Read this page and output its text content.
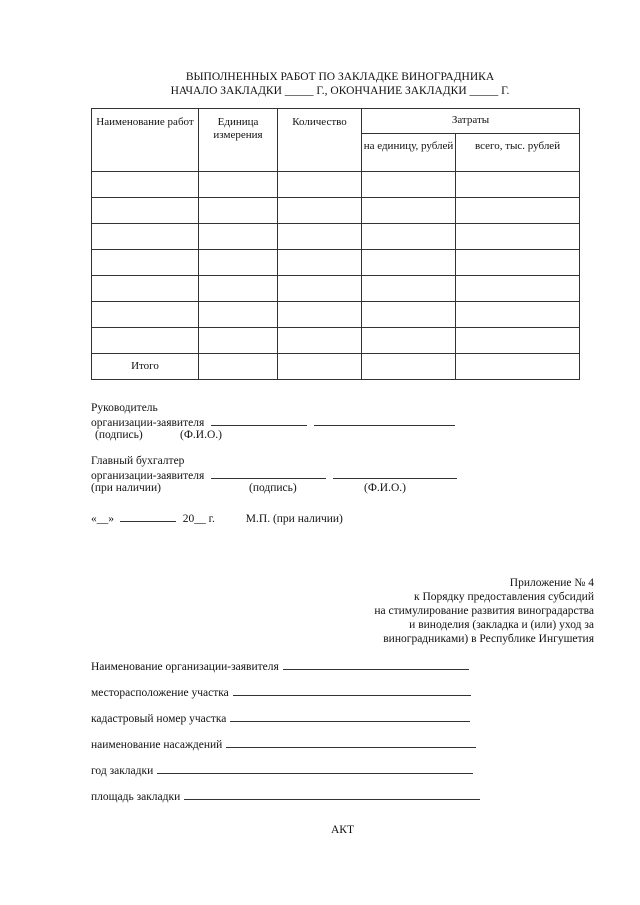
ВЫПОЛНЕННЫХ РАБОТ ПО ЗАКЛАДКЕ ВИНОГРАДНИКА
НАЧАЛО ЗАКЛАДКИ _____ Г., ОКОНЧАНИЕ ЗАКЛАДКИ _____ Г.
Наименование работ	Единица измерения	Количество	Затраты	
			на единицу, рублей	всего, тыс. рублей

Итого				
Руководитель
организации-заявителя
(подпись)	(Ф.И.О.)
Главный бухгалтер
организации-заявителя
(при наличии)	(подпись)	(Ф.И.О.)
«__»	20__ г.	М.П. (при наличии)
Приложение № 4
к Порядку предоставления субсидий
на стимулирование развития виноградарства
и виноделия (закладка и (или) уход за
виноградниками) в Республике Ингушетия
Наименование организации-заявителя
месторасположение участка
кадастровый номер участка
наименование насаждений
год закладки
площадь закладки
АКТ
